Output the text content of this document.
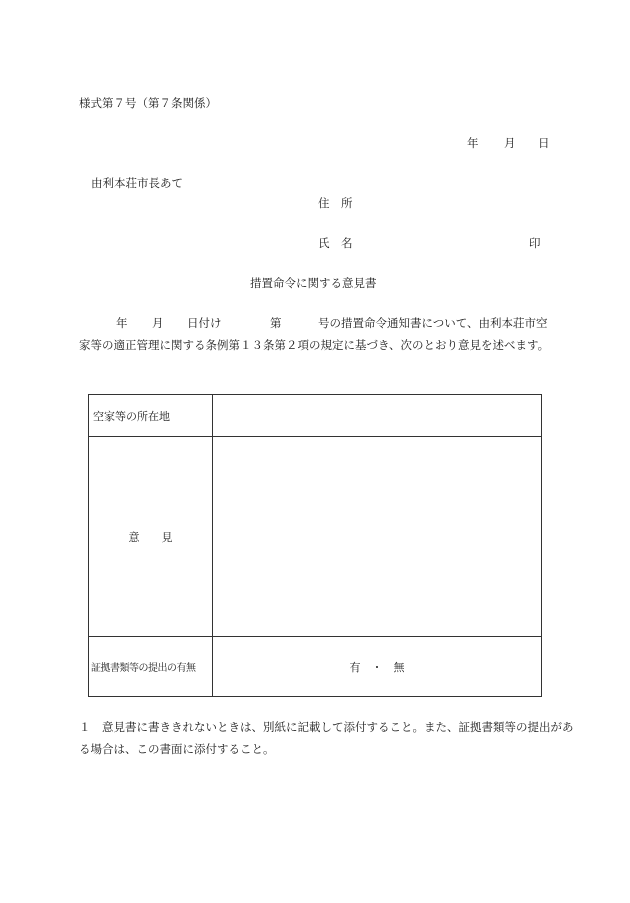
様式第７号（第７条関係）
年 月 日
由利本荘市長あて
住　所
氏　名	印
措置命令に関する意見書
年 月 日付け	第	号の措置命令通知書について、由利本荘市空
家等の適正管理に関する条例第１３条第２項の規定に基づき、次のとおり意見を述べます。
空家等の所在地	
意　　見	
証拠書類等の提出の有無	有　・　無
１　意見書に書ききれないときは、別紙に記載して添付すること。また、証拠書類等の提出があ
る場合は、この書面に添付すること。
